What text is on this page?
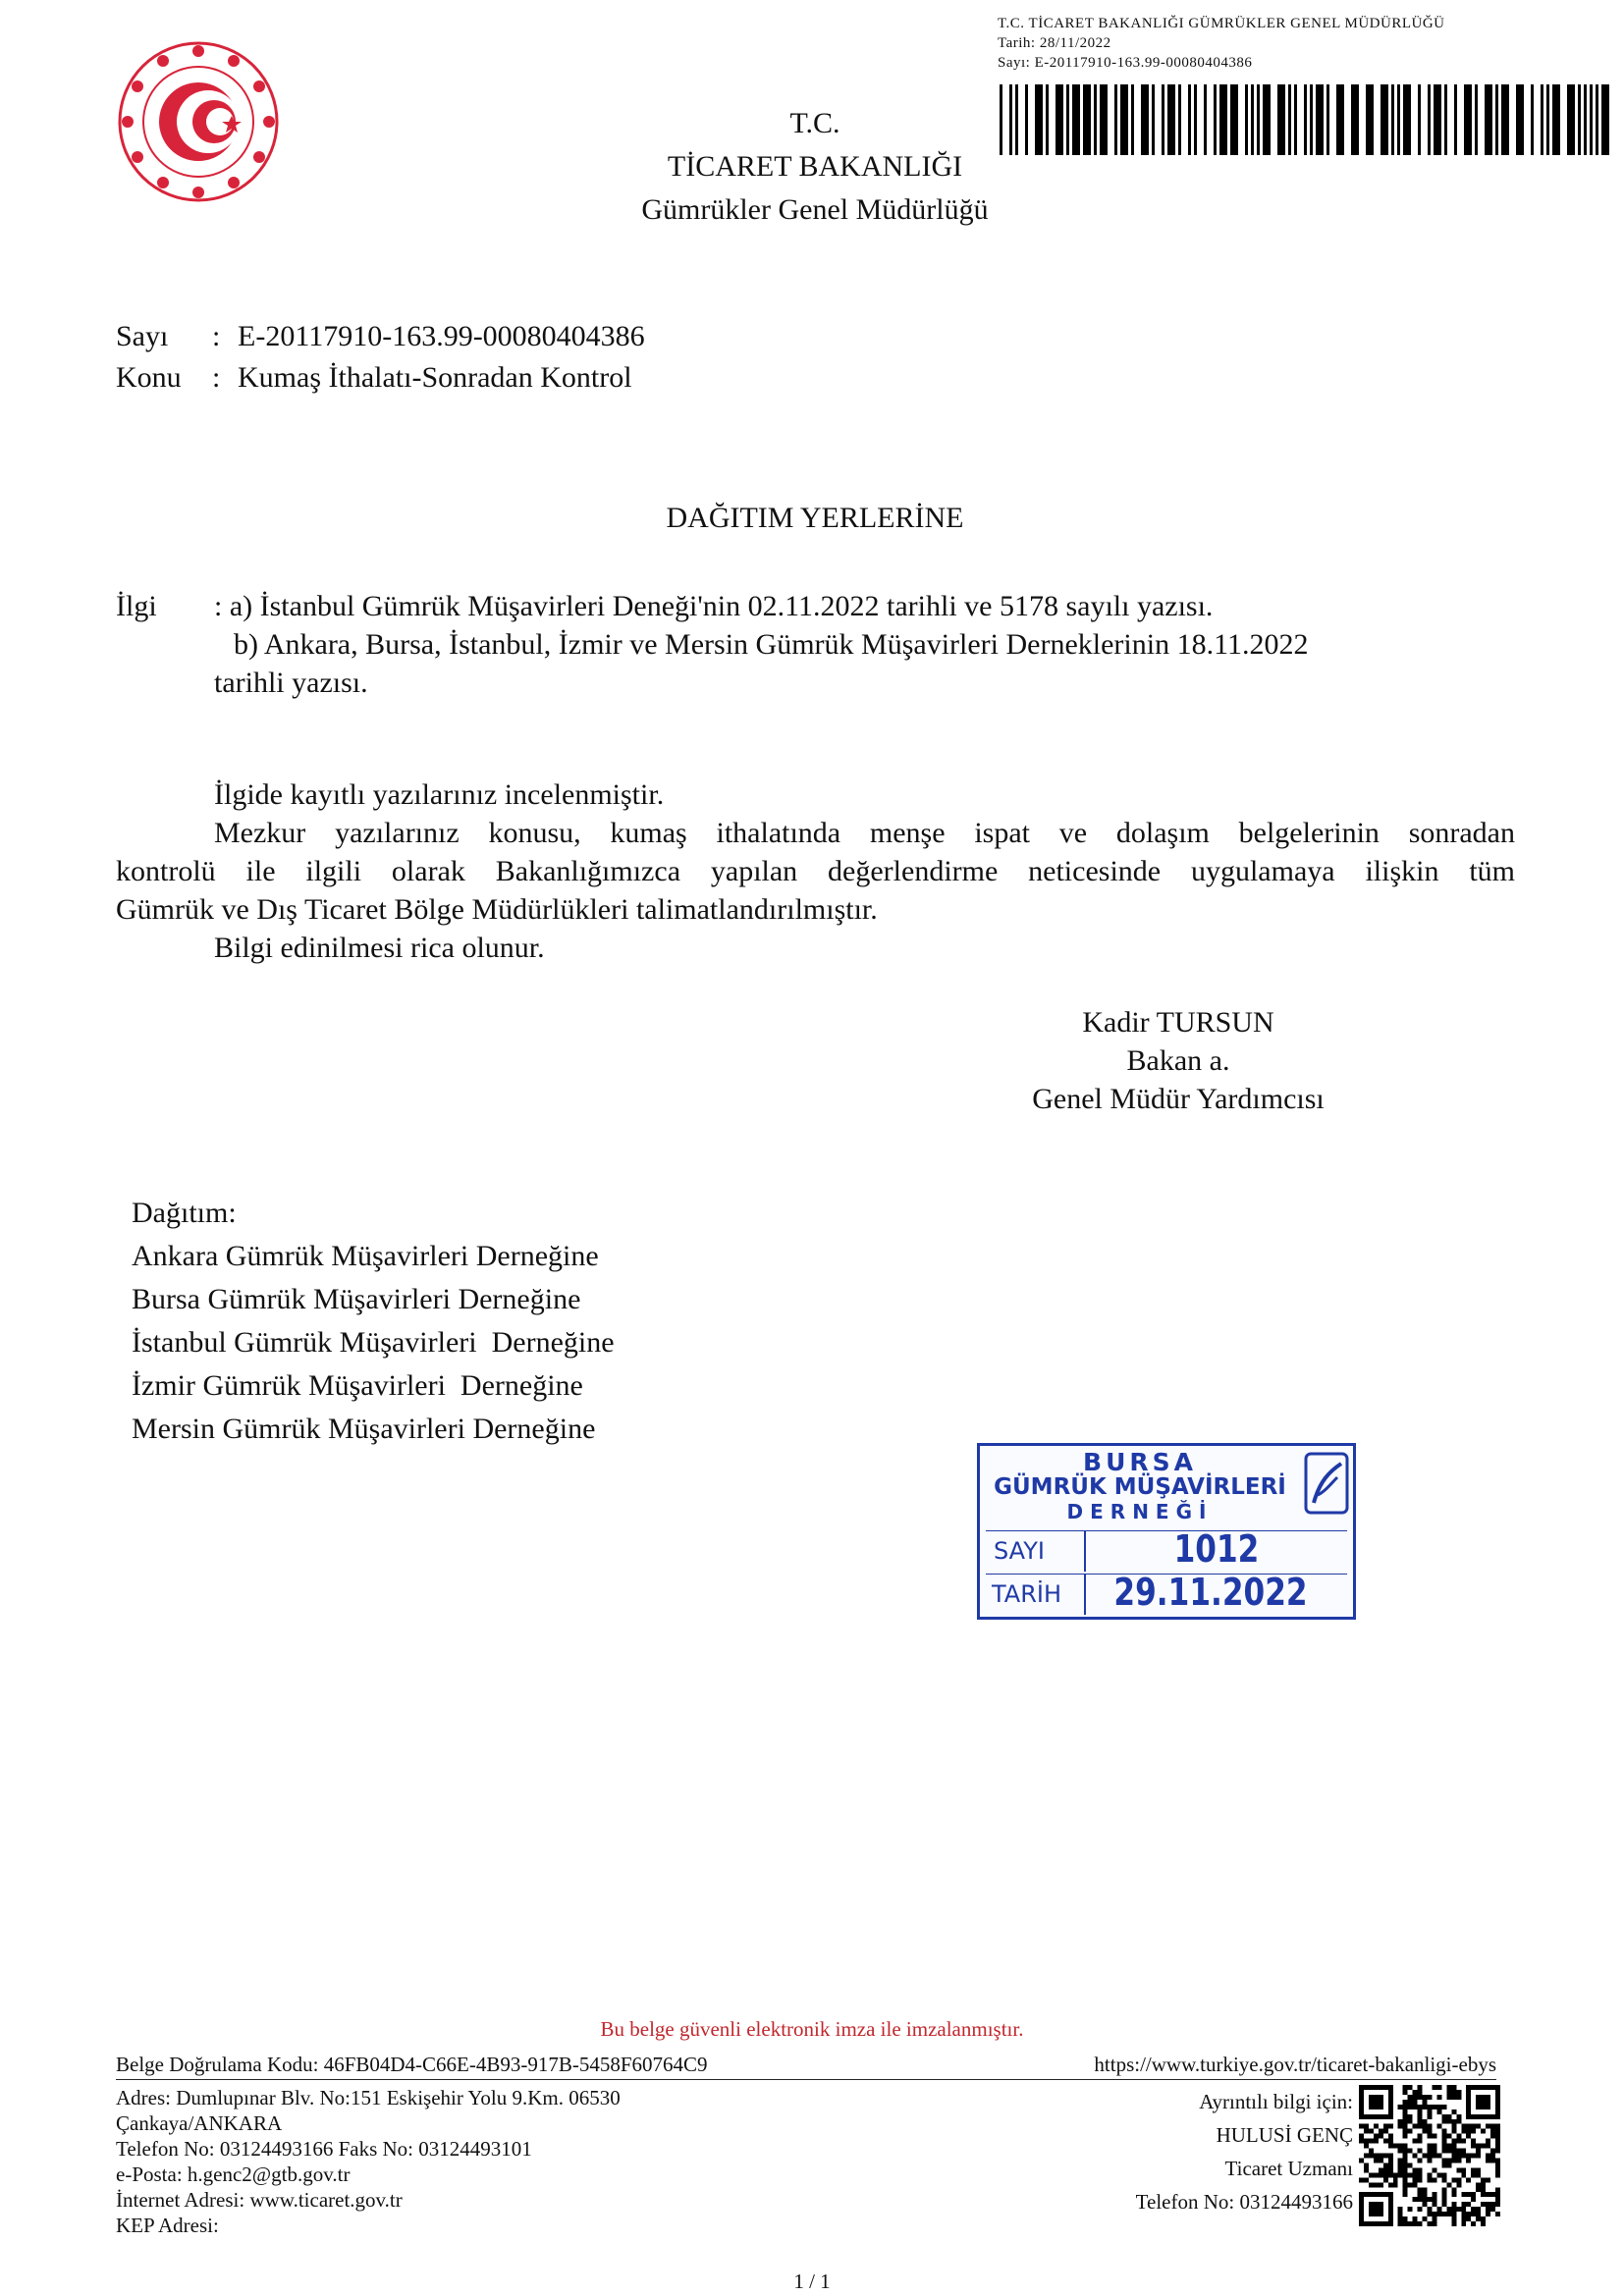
T.C. TİCARET BAKANLIĞI GÜMRÜKLER GENEL MÜDÜRLÜĞÜ
Tarih: 28/11/2022
Sayı: E-20117910-163.99-00080404386
T.C.
TİCARET BAKANLIĞI
Gümrükler Genel Müdürlüğü
Sayı : E-20117910-163.99-00080404386
Konu : Kumaş İthalatı-Sonradan Kontrol
DAĞITIM YERLERİNE
İlgi : a) İstanbul Gümrük Müşavirleri Deneği'nin 02.11.2022 tarihli ve 5178 sayılı yazısı.
b) Ankara, Bursa, İstanbul, İzmir ve Mersin Gümrük Müşavirleri Derneklerinin 18.11.2022
tarihli yazısı.
İlgide kayıtlı yazılarınız incelenmiştir.
Mezkur yazılarınız konusu, kumaş ithalatında menşe ispat ve dolaşım belgelerinin sonradan
kontrolü ile ilgili olarak Bakanlığımızca yapılan değerlendirme neticesinde uygulamaya ilişkin tüm
Gümrük ve Dış Ticaret Bölge Müdürlükleri talimatlandırılmıştır.
Bilgi edinilmesi rica olunur.
Kadir TURSUN
Bakan a.
Genel Müdür Yardımcısı
Dağıtım:
Ankara Gümrük Müşavirleri Derneğine
Bursa Gümrük Müşavirleri Derneğine
İstanbul Gümrük Müşavirleri  Derneğine
İzmir Gümrük Müşavirleri  Derneğine
Mersin Gümrük Müşavirleri Derneğine
BURSA
GÜMRÜK MÜŞAVİRLERİ
DERNEĞİ
SAYI	1012
TARİH	29.11.2022
Bu belge güvenli elektronik imza ile imzalanmıştır.
Belge Doğrulama Kodu: 46FB04D4-C66E-4B93-917B-5458F60764C9	https://www.turkiye.gov.tr/ticaret-bakanligi-ebys
Adres: Dumlupınar Blv. No:151 Eskişehir Yolu 9.Km. 06530
Çankaya/ANKARA
Telefon No: 03124493166 Faks No: 03124493101
e-Posta: h.genc2@gtb.gov.tr
İnternet Adresi: www.ticaret.gov.tr
KEP Adresi:
Ayrıntılı bilgi için:
HULUSİ GENÇ
Ticaret Uzmanı
Telefon No: 03124493166
1 / 1
